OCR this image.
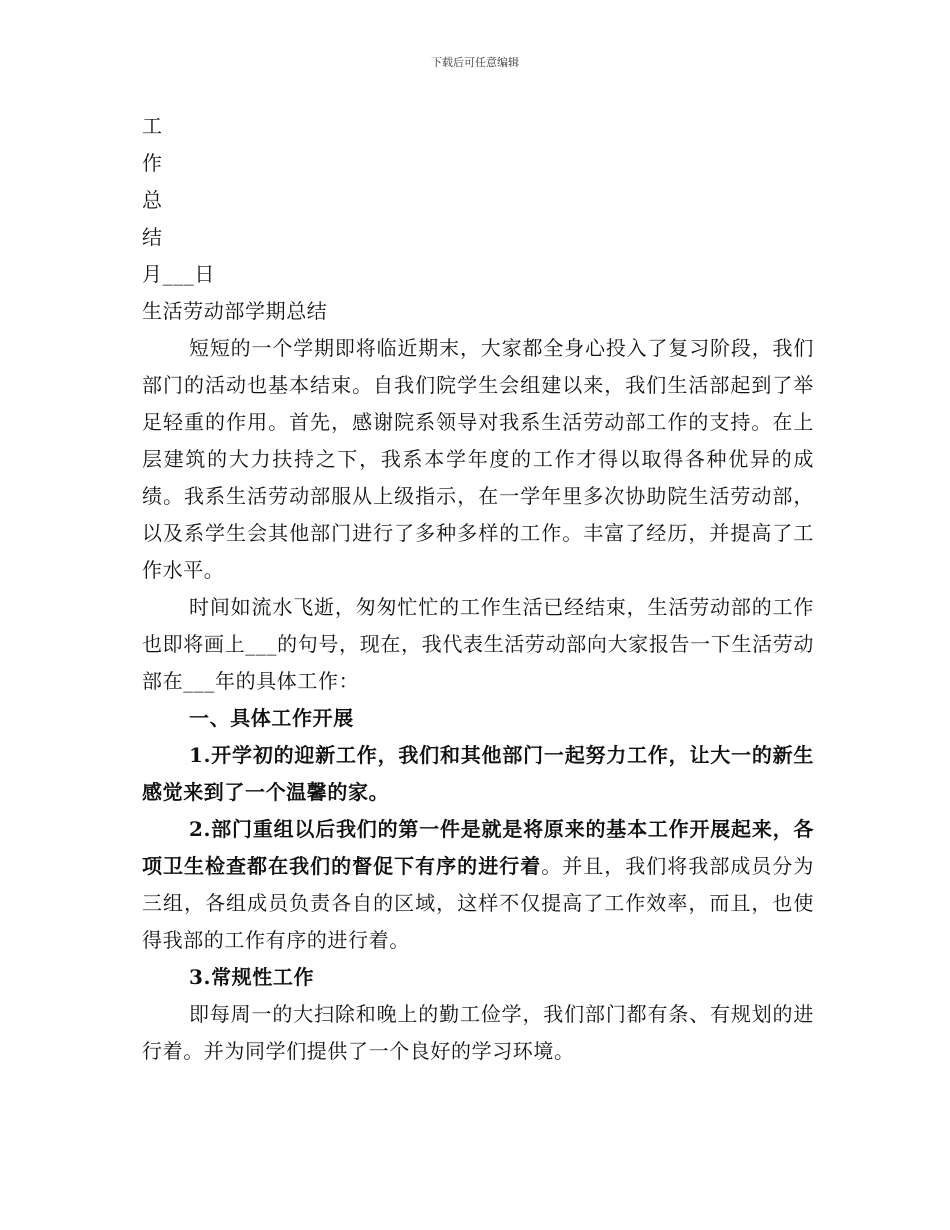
下载后可任意编辑

工

作

总

结

月___日

生活劳动部学期总结

短短的一个学期即将临近期末，大家都全身心投入了复习阶段，我们部门的活动也基本结束。自我们院学生会组建以来，我们生活部起到了举足轻重的作用。首先，感谢院系领导对我系生活劳动部工作的支持。在上层建筑的大力扶持之下，我系本学年度的工作才得以取得各种优异的成绩。我系生活劳动部服从上级指示，在一学年里多次协助院生活劳动部，以及系学生会其他部门进行了多种多样的工作。丰富了经历，并提高了工作水平。

时间如流水飞逝，匆匆忙忙的工作生活已经结束，生活劳动部的工作也即将画上___的句号，现在，我代表生活劳动部向大家报告一下生活劳动部在___年的具体工作：

一、具体工作开展

1.开学初的迎新工作，我们和其他部门一起努力工作，让大一的新生感觉来到了一个温馨的家。

2.部门重组以后我们的第一件是就是将原来的基本工作开展起来，各项卫生检查都在我们的督促下有序的进行着。并且，我们将我部成员分为三组，各组成员负责各自的区域，这样不仅提高了工作效率，而且，也使得我部的工作有序的进行着。

3.常规性工作

即每周一的大扫除和晚上的勤工俭学，我们部门都有条、有规划的进行着。并为同学们提供了一个良好的学习环境。
